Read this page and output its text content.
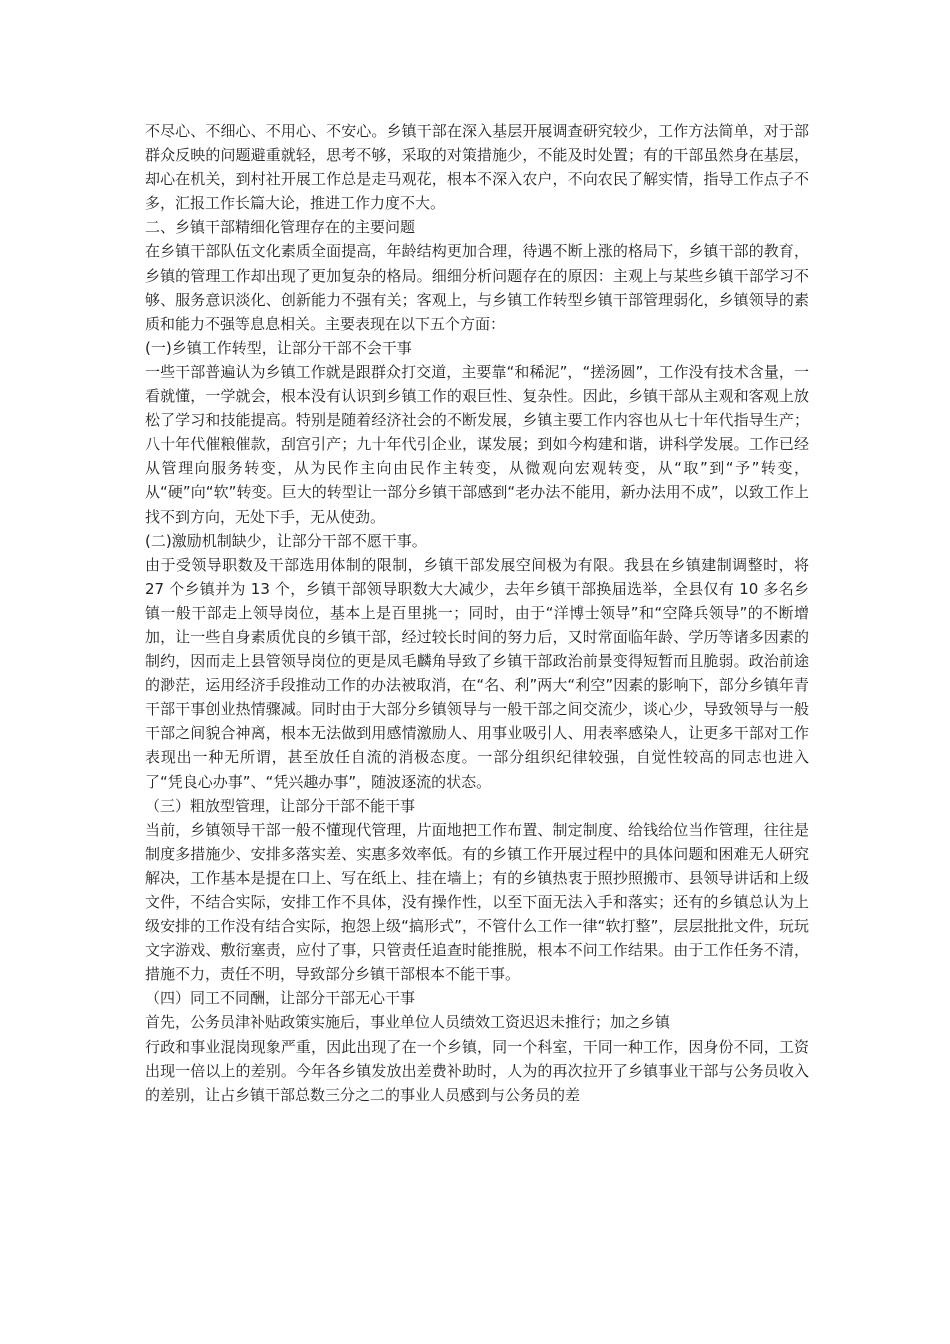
不尽心、不细心、不用心、不安心。乡镇干部在深入基层开展调查研究较少，工作方法简单，对于部群众反映的问题避重就轻，思考不够，采取的对策措施少，不能及时处置；有的干部虽然身在基层，却心在机关，到村社开展工作总是走马观花，根本不深入农户，不向农民了解实情，指导工作点子不多，汇报工作长篇大论，推进工作力度不大。

二、乡镇干部精细化管理存在的主要问题

在乡镇干部队伍文化素质全面提高，年龄结构更加合理，待遇不断上涨的格局下，乡镇干部的教育，乡镇的管理工作却出现了更加复杂的格局。细细分析问题存在的原因：主观上与某些乡镇干部学习不够、服务意识淡化、创新能力不强有关；客观上，与乡镇工作转型乡镇干部管理弱化，乡镇领导的素质和能力不强等息息相关。主要表现在以下五个方面：

(一)乡镇工作转型，让部分干部不会干事

一些干部普遍认为乡镇工作就是跟群众打交道，主要靠“和稀泥”，“搓汤圆”，工作没有技术含量，一看就懂，一学就会，根本没有认识到乡镇工作的艰巨性、复杂性。因此，乡镇干部从主观和客观上放松了学习和技能提高。特别是随着经济社会的不断发展，乡镇主要工作内容也从七十年代指导生产；八十年代催粮催款，刮宫引产；九十年代引企业，谋发展；到如今构建和谐，讲科学发展。工作已经从管理向服务转变，从为民作主向由民作主转变，从微观向宏观转变，从“取”到“予”转变，从“硬”向“软”转变。巨大的转型让一部分乡镇干部感到“老办法不能用，新办法用不成”，以致工作上找不到方向，无处下手，无从使劲。

(二)激励机制缺少，让部分干部不愿干事。

由于受领导职数及干部选用体制的限制，乡镇干部发展空间极为有限。我县在乡镇建制调整时，将 27 个乡镇并为 13 个，乡镇干部领导职数大大减少，去年乡镇干部换届选举，全县仅有 10 多名乡镇一般干部走上领导岗位，基本上是百里挑一；同时，由于“洋博士领导”和“空降兵领导”的不断增加，让一些自身素质优良的乡镇干部，经过较长时间的努力后，又时常面临年龄、学历等诸多因素的制约，因而走上县管领导岗位的更是凤毛麟角导致了乡镇干部政治前景变得短暂而且脆弱。政治前途的渺茫，运用经济手段推动工作的办法被取消，在“名、利”两大“利空”因素的影响下，部分乡镇年青干部干事创业热情骤减。同时由于大部分乡镇领导与一般干部之间交流少，谈心少，导致领导与一般干部之间貌合神离，根本无法做到用感情激励人、用事业吸引人、用表率感染人，让更多干部对工作表现出一种无所谓，甚至放任自流的消极态度。一部分组织纪律较强，自觉性较高的同志也进入了“凭良心办事”、“凭兴趣办事”，随波逐流的状态。

（三）粗放型管理，让部分干部不能干事

当前，乡镇领导干部一般不懂现代管理，片面地把工作布置、制定制度、给钱给位当作管理，往往是制度多措施少、安排多落实差、实惠多效率低。有的乡镇工作开展过程中的具体问题和困难无人研究解决，工作基本是提在口上、写在纸上、挂在墙上；有的乡镇热衷于照抄照搬市、县领导讲话和上级文件，不结合实际，安排工作不具体，没有操作性，以至下面无法入手和落实；还有的乡镇总认为上级安排的工作没有结合实际，抱怨上级“搞形式”，不管什么工作一律“软打整”，层层批批文件，玩玩文字游戏、敷衍塞责，应付了事，只管责任追查时能推脱，根本不问工作结果。由于工作任务不清，措施不力，责任不明，导致部分乡镇干部根本不能干事。

（四）同工不同酬，让部分干部无心干事

首先，公务员津补贴政策实施后，事业单位人员绩效工资迟迟未推行；加之乡镇

行政和事业混岗现象严重，因此出现了在一个乡镇，同一个科室，干同一种工作，因身份不同，工资出现一倍以上的差别。今年各乡镇发放出差费补助时，人为的再次拉开了乡镇事业干部与公务员收入的差别，让占乡镇干部总数三分之二的事业人员感到与公务员的差
